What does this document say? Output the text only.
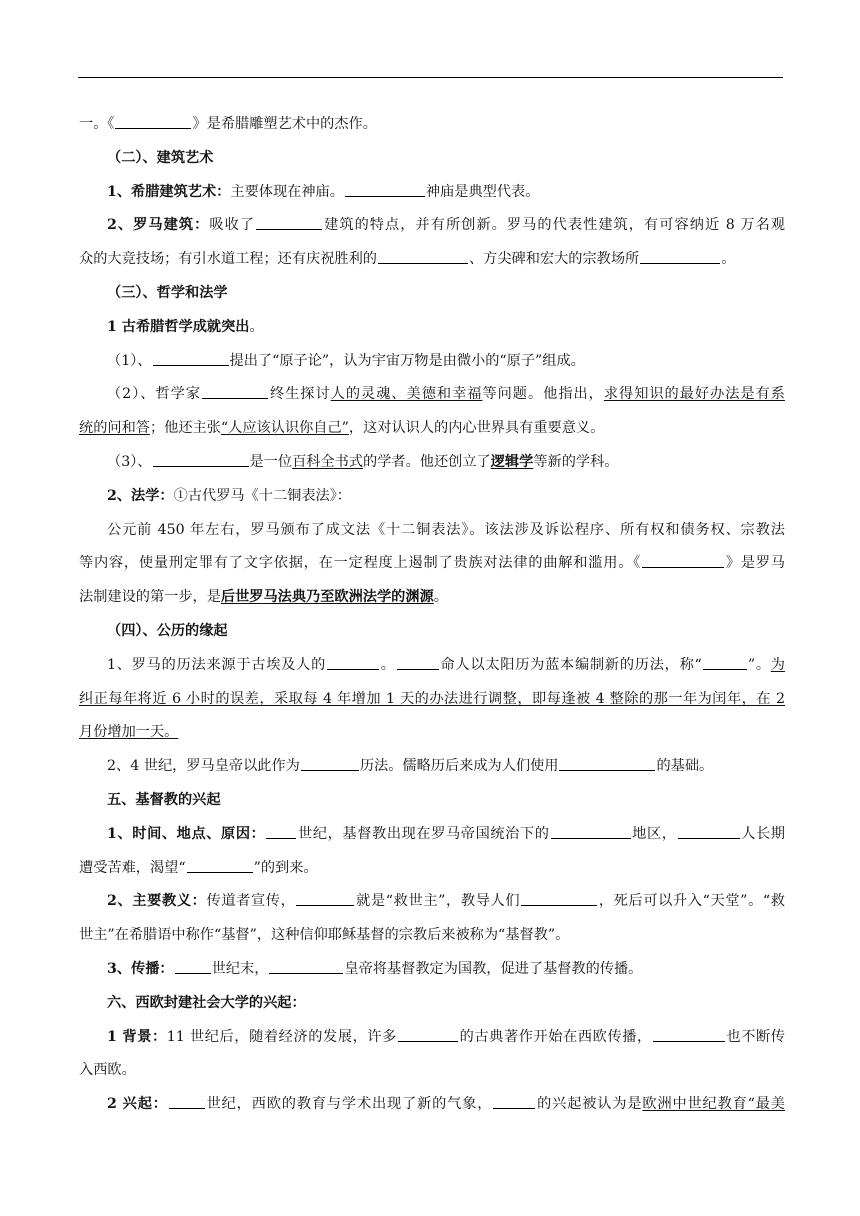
一。《	》是希腊雕塑艺术中的杰作。

（二）、建筑艺术

1、希腊建筑艺术：主要体现在神庙。	神庙是典型代表。

2、罗马建筑：吸收了	建筑的特点，并有所创新。罗马的代表性建筑，有可容纳近 8 万名观

众的大竞技场；有引水道工程；还有庆祝胜利的	、方尖碑和宏大的宗教场所	。

（三）、哲学和法学

1 古希腊哲学成就突出。

（1）、	提出了“原子论”，认为宇宙万物是由微小的“原子”组成。

（2）、哲学家	终生探讨人的灵魂、美德和幸福等问题。他指出，求得知识的最好办法是有系

统的问和答；他还主张“人应该认识你自己”，这对认识人的内心世界具有重要意义。

（3）、	是一位百科全书式的学者。他还创立了逻辑学等新的学科。

2、法学：①古代罗马《十二铜表法》：

公元前 450 年左右，罗马颁布了成文法《十二铜表法》。该法涉及诉讼程序、所有权和债务权、宗教法

等内容，使量刑定罪有了文字依据，在一定程度上遏制了贵族对法律的曲解和滥用。《	》是罗马

法制建设的第一步，是后世罗马法典乃至欧洲法学的渊源。

（四）、公历的缘起

1、罗马的历法来源于古埃及人的	。	命人以太阳历为蓝本编制新的历法，称“	”。为

纠正每年将近 6 小时的误差，采取每 4 年增加 1 天的办法进行调整，即每逢被 4 整除的那一年为闰年，在 2

月份增加一天。

2、4 世纪，罗马皇帝以此作为	历法。儒略历后来成为人们使用	的基础。

五、基督教的兴起

1、时间、地点、原因： 世纪，基督教出现在罗马帝国统治下的	地区，	人长期

遭受苦难，渴望“	”的到来。

2、主要教义：传道者宣传，	就是“救世主”，教导人们	，死后可以升入“天堂”。“救

世主”在希腊语中称作“基督”，这种信仰耶稣基督的宗教后来被称为“基督教”。

3、传播：	世纪末，	皇帝将基督教定为国教，促进了基督教的传播。

六、西欧封建社会大学的兴起：

1 背景：11 世纪后，随着经济的发展，许多	的古典著作开始在西欧传播，	也不断传

入西欧。

2 兴起：	世纪，西欧的教育与学术出现了新的气象，	的兴起被认为是欧洲中世纪教育“最美
